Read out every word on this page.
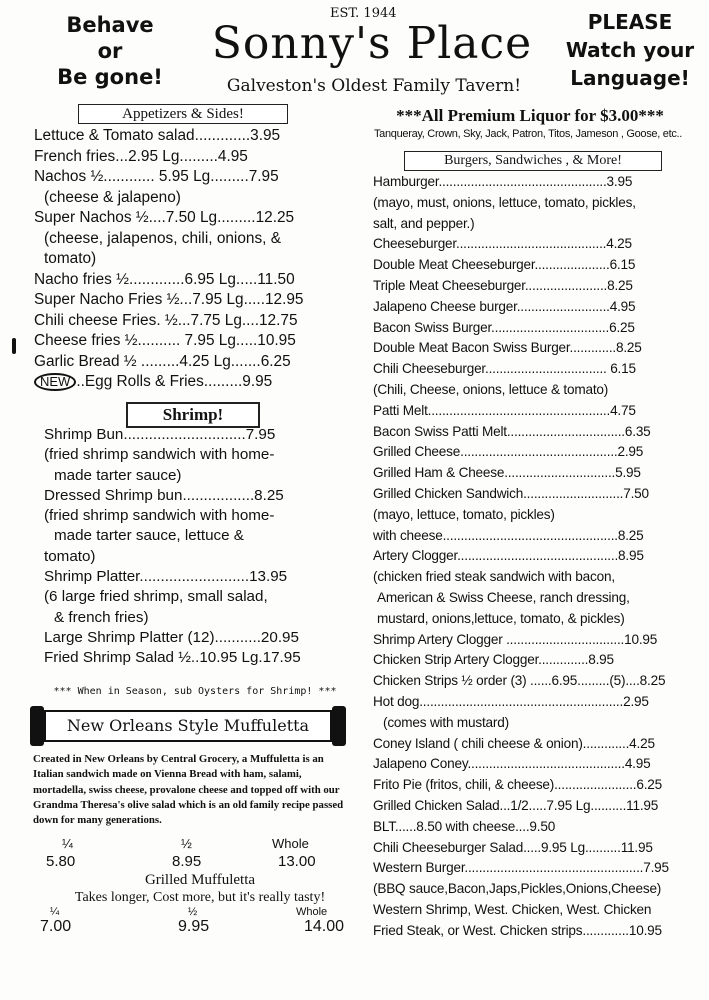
Behave
or
Be gone!
EST. 1944
Sonny's Place
Galveston's Oldest Family Tavern!
PLEASE
Watch your
Language!
Appetizers & Sides!
Lettuce & Tomato salad.............3.95
French fries...2.95 Lg.........4.95
Nachos ½............ 5.95 Lg.........7.95
(cheese & jalapeno)
Super Nachos ½....7.50 Lg.........12.25
(cheese, jalapenos, chili, onions, &
tomato)
Nacho fries ½.............6.95 Lg.....11.50
Super Nacho Fries ½...7.95 Lg.....12.95
Chili cheese Fries. ½...7.75 Lg....12.75
Cheese fries ½.......... 7.95 Lg.....10.95
Garlic Bread ½ .........4.25 Lg.......6.25
NEW ..Egg Rolls & Fries.........9.95
Shrimp!
Shrimp Bun.............................7.95
(fried shrimp sandwich with home-
made tarter sauce)
Dressed Shrimp bun.................8.25
(fried shrimp sandwich with home-
made tarter sauce, lettuce &
tomato)
Shrimp Platter..........................13.95
(6 large fried shrimp, small salad,
& french fries)
Large Shrimp Platter (12)...........20.95
Fried Shrimp Salad ½..10.95 Lg.17.95
*** When in Season, sub Oysters for Shrimp! ***
New Orleans Style Muffuletta
Created in New Orleans by Central Grocery, a Muffuletta is an Italian sandwich made on Vienna Bread with ham, salami, mortadella, swiss cheese, provalone cheese and topped off with our Grandma Theresa's olive salad which is an old family recipe passed down for many generations.
¼	½	Whole
5.80	8.95	13.00
Grilled Muffuletta
Takes longer, Cost more, but it's really tasty!
¼	½	Whole
7.00	9.95	14.00
***All Premium Liquor for $3.00***
Tanqueray, Crown, Sky, Jack, Patron, Titos, Jameson , Goose, etc..
Burgers, Sandwiches , & More!
Hamburger...............................................3.95
(mayo, must, onions, lettuce, tomato, pickles,
salt, and pepper.)
Cheeseburger..........................................4.25
Double Meat Cheeseburger.....................6.15
Triple Meat Cheeseburger.......................8.25
Jalapeno Cheese burger..........................4.95
Bacon Swiss Burger.................................6.25
Double Meat Bacon Swiss Burger.............8.25
Chili Cheeseburger.................................. 6.15
(Chili, Cheese, onions, lettuce & tomato)
Patti Melt...................................................4.75
Bacon Swiss Patti Melt.................................6.35
Grilled Cheese............................................2.95
Grilled Ham & Cheese...............................5.95
Grilled Chicken Sandwich............................7.50
(mayo, lettuce, tomato, pickles)
with cheese.................................................8.25
Artery Clogger.............................................8.95
(chicken fried steak sandwich with bacon,
American & Swiss Cheese, ranch dressing,
mustard, onions,lettuce, tomato, & pickles)
Shrimp Artery Clogger .................................10.95
Chicken Strip Artery Clogger..............8.95
Chicken Strips ½ order (3) ......6.95.........(5)....8.25
Hot dog.........................................................2.95
(comes with mustard)
Coney Island ( chili cheese & onion).............4.25
Jalapeno Coney............................................4.95
Frito Pie (fritos, chili, & cheese).......................6.25
Grilled Chicken Salad...1/2.....7.95 Lg..........11.95
BLT......8.50 with cheese....9.50
Chili Cheeseburger Salad.....9.95 Lg..........11.95
Western Burger..................................................7.95
(BBQ sauce,Bacon,Japs,Pickles,Onions,Cheese)
Western Shrimp, West. Chicken, West. Chicken
Fried Steak, or West. Chicken strips.............10.95
